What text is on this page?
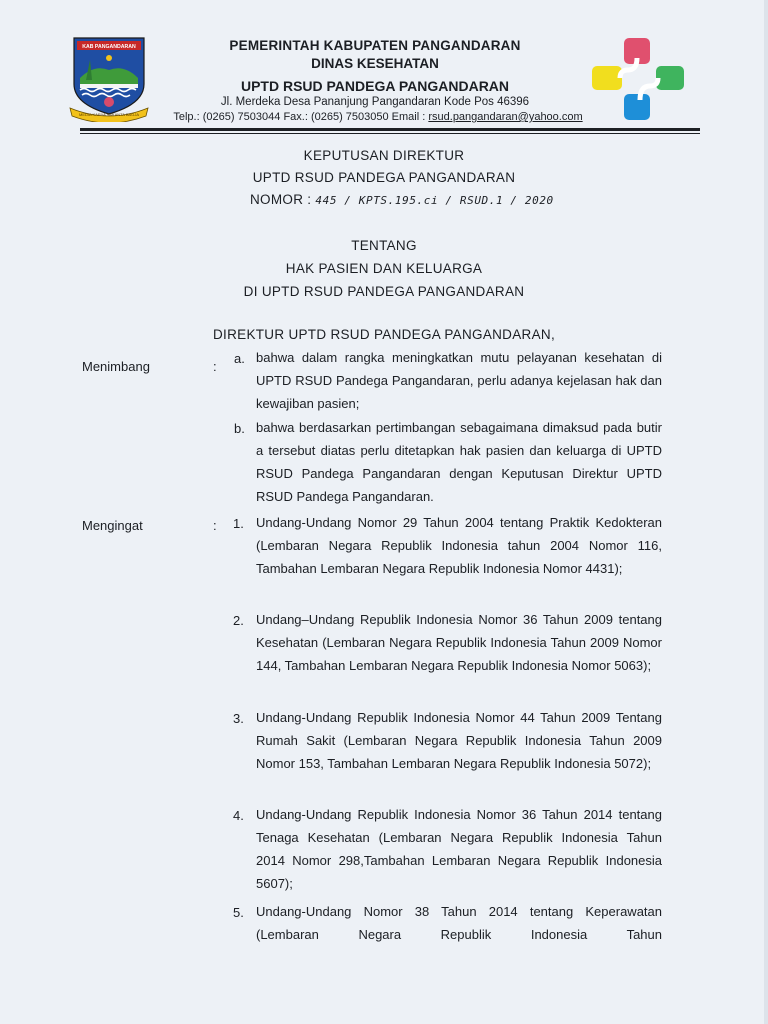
KAB PANGANDARAN
MEDIA KARYA SAKANTA BAGJA
PEMERINTAH KABUPATEN PANGANDARAN
DINAS KESEHATAN
UPTD RSUD PANDEGA PANGANDARAN
Jl. Merdeka Desa Pananjung Pangandaran Kode Pos 46396
Telp.: (0265) 7503044 Fax.: (0265) 7503050 Email : rsud.pangandaran@yahoo.com
KEPUTUSAN DIREKTUR
UPTD RSUD PANDEGA PANGANDARAN
NOMOR : 445 / KPTS.195.ci / RSUD.1 / 2020
TENTANG
HAK PASIEN DAN KELUARGA
DI UPTD RSUD PANDEGA PANGANDARAN
DIREKTUR UPTD RSUD PANDEGA PANGANDARAN,
Menimbang	:
a. bahwa dalam rangka meningkatkan mutu pelayanan kesehatan di UPTD RSUD Pandega Pangandaran, perlu adanya kejelasan hak dan kewajiban pasien;
b. bahwa berdasarkan pertimbangan sebagaimana dimaksud pada butir a tersebut diatas perlu ditetapkan hak pasien dan keluarga di UPTD RSUD Pandega Pangandaran dengan Keputusan Direktur UPTD RSUD Pandega Pangandaran.
Mengingat	: 1. Undang-Undang Nomor 29 Tahun 2004 tentang Praktik Kedokteran (Lembaran Negara Republik Indonesia tahun 2004 Nomor 116, Tambahan Lembaran Negara Republik Indonesia Nomor 4431);
2. Undang–Undang Republik Indonesia Nomor 36 Tahun 2009 tentang Kesehatan (Lembaran Negara Republik Indonesia Tahun 2009 Nomor 144, Tambahan Lembaran Negara Republik Indonesia Nomor 5063);
3. Undang-Undang Republik Indonesia Nomor 44 Tahun 2009 Tentang Rumah Sakit (Lembaran Negara Republik Indonesia Tahun 2009 Nomor 153, Tambahan Lembaran Negara Republik Indonesia 5072);
4. Undang-Undang Republik Indonesia Nomor 36 Tahun 2014 tentang Tenaga Kesehatan (Lembaran Negara Republik Indonesia Tahun 2014 Nomor 298,Tambahan Lembaran Negara Republik Indonesia 5607);
5. Undang-Undang Nomor 38 Tahun 2014 tentang Keperawatan (Lembaran Negara Republik Indonesia Tahun
